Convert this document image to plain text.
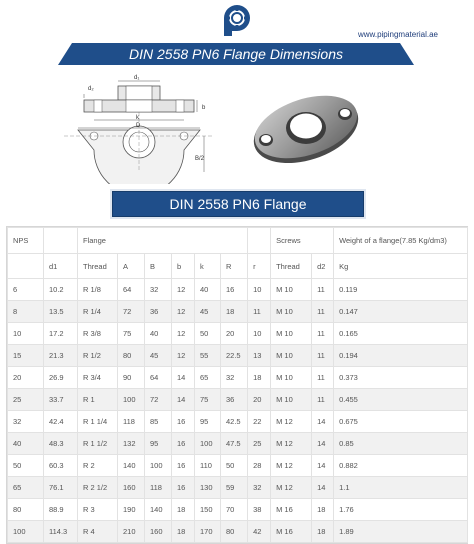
www.pipingmaterial.ae
DIN 2558 PN6 Flange Dimensions
d₁
d₂
b
k
D
B/2
DIN 2558 PN6 Flange
NPS		Flange							Screws		Weight of a flange(7.85 Kg/dm3)
	d1	Thread	A	B	b	k	R	r	Thread	d2	Kg
6	10.2	R 1/8	64	32	12	40	16	10	M 10	11	0.119
8	13.5	R 1/4	72	36	12	45	18	11	M 10	11	0.147
10	17.2	R 3/8	75	40	12	50	20	10	M 10	11	0.165
15	21.3	R 1/2	80	45	12	55	22.5	13	M 10	11	0.194
20	26.9	R 3/4	90	64	14	65	32	18	M 10	11	0.373
25	33.7	R 1	100	72	14	75	36	20	M 10	11	0.455
32	42.4	R 1 1/4	118	85	16	95	42.5	22	M 12	14	0.675
40	48.3	R 1 1/2	132	95	16	100	47.5	25	M 12	14	0.85
50	60.3	R 2	140	100	16	110	50	28	M 12	14	0.882
65	76.1	R 2 1/2	160	118	16	130	59	32	M 12	14	1.1
80	88.9	R 3	190	140	18	150	70	38	M 16	18	1.76
100	114.3	R 4	210	160	18	170	80	42	M 16	18	1.89
